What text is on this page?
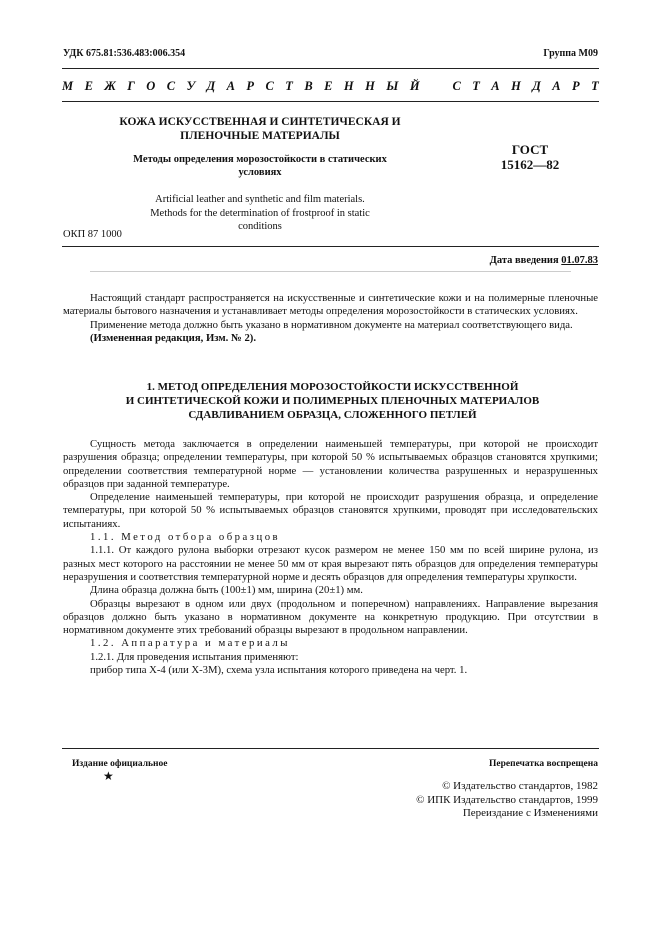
УДК 675.81:536.483:006.354	Группа М09
М Е Ж Г О С У Д А Р С Т В Е Н Н Ы Й	С Т А Н Д А Р Т
КОЖА ИСКУССТВЕННАЯ И СИНТЕТИЧЕСКАЯ И
ПЛЕНОЧНЫЕ МАТЕРИАЛЫ
Методы определения морозостойкости в статических
условиях
Artificial leather and synthetic and film materials.
Methods for the determination of frostproof in static
conditions
ГОСТ
15162—82
ОКП 87 1000
Дата введения 01.07.83

Настоящий стандарт распространяется на искусственные и синтетические кожи и на полимерные пленочные материалы бытового назначения и устанавливает методы определения морозостойкости в статических условиях.

Применение метода должно быть указано в нормативном документе на материал соответствующего вида.

(Измененная редакция, Изм. № 2).

1. МЕТОД ОПРЕДЕЛЕНИЯ МОРОЗОСТОЙКОСТИ ИСКУССТВЕННОЙ
И СИНТЕТИЧЕСКОЙ КОЖИ И ПОЛИМЕРНЫХ ПЛЕНОЧНЫХ МАТЕРИАЛОВ
СДАВЛИВАНИЕМ ОБРАЗЦА, СЛОЖЕННОГО ПЕТЛЕЙ

Сущность метода заключается в определении наименьшей температуры, при которой не происходит разрушения образца; определении температуры, при которой 50 % испытываемых образцов становятся хрупкими; определении соответствия температурной норме — установлении количества разрушенных и неразрушенных образцов при заданной температуре.

Определение наименьшей температуры, при которой не происходит разрушения образца, и определение температуры, при которой 50 % испытываемых образцов становятся хрупкими, проводят при исследовательских испытаниях.

1.1. Метод отбора образцов

1.1.1. От каждого рулона выборки отрезают кусок размером не менее 150 мм по всей ширине рулона, из разных мест которого на расстоянии не менее 50 мм от края вырезают пять образцов для определения температуры неразрушения и соответствия температурной норме и десять образцов для определения температуры хрупкости.

Длина образца должна быть (100±1) мм, ширина (20±1) мм.

Образцы вырезают в одном или двух (продольном и поперечном) направлениях. Направление вырезания образцов должно быть указано в нормативном документе на конкретную продукцию. При отсутствии в нормативном документе этих требований образцы вырезают в продольном направлении.

1.2. Аппаратура и материалы

1.2.1. Для проведения испытания применяют:

прибор типа Х-4 (или Х-3М), схема узла испытания которого приведена на черт. 1.

Издание официальное	Перепечатка воспрещена
★
© Издательство стандартов, 1982
© ИПК Издательство стандартов, 1999
Переиздание с Изменениями
